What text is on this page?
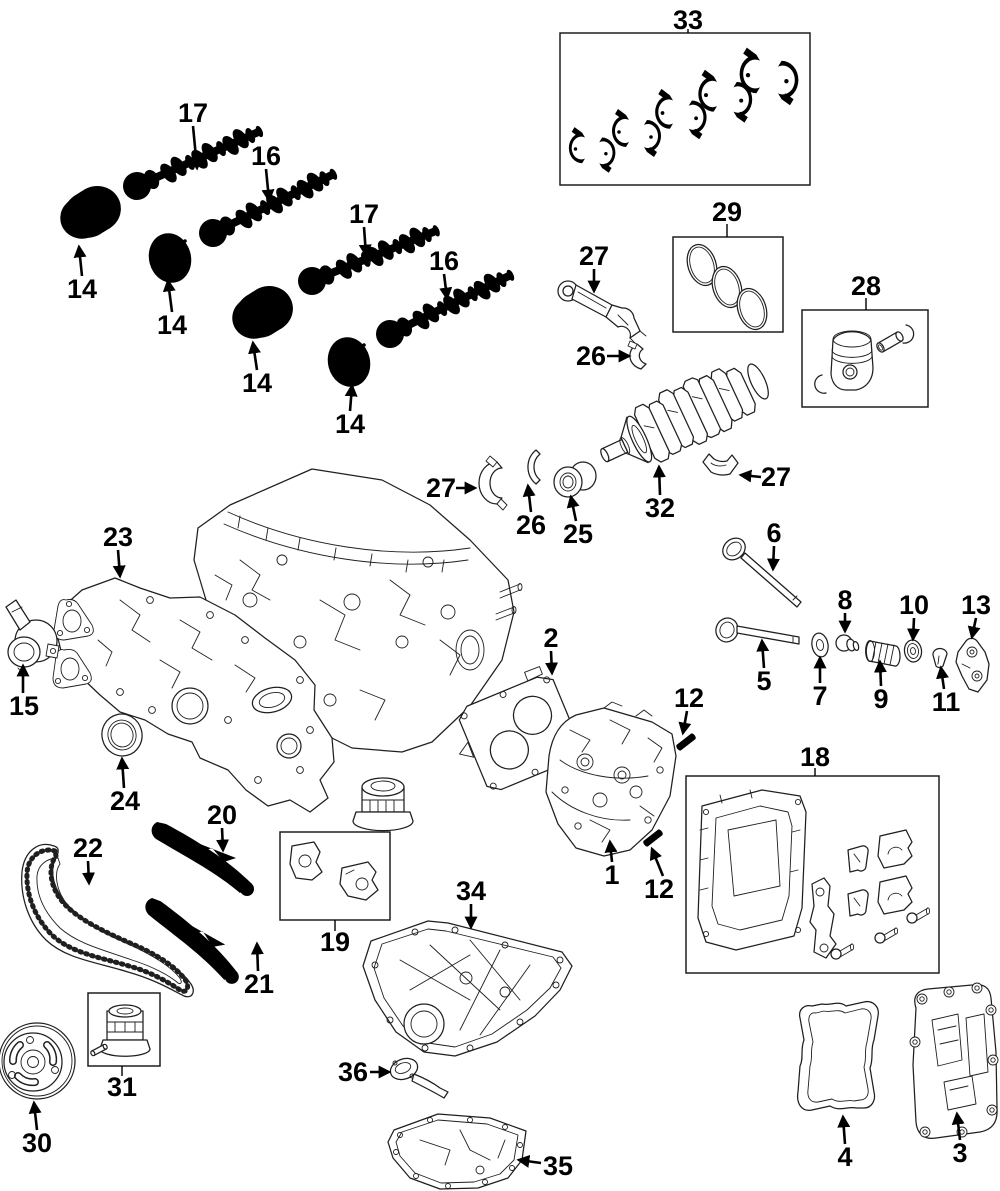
33
17
16
17
16
14
14
14
14
29
27
28
26
32
27
27
26 25
23
2
12
1 12
6
5 7
8
9
10
11
13
18
15
24 20
22
21
19
31
30
34
36
35	4	3
